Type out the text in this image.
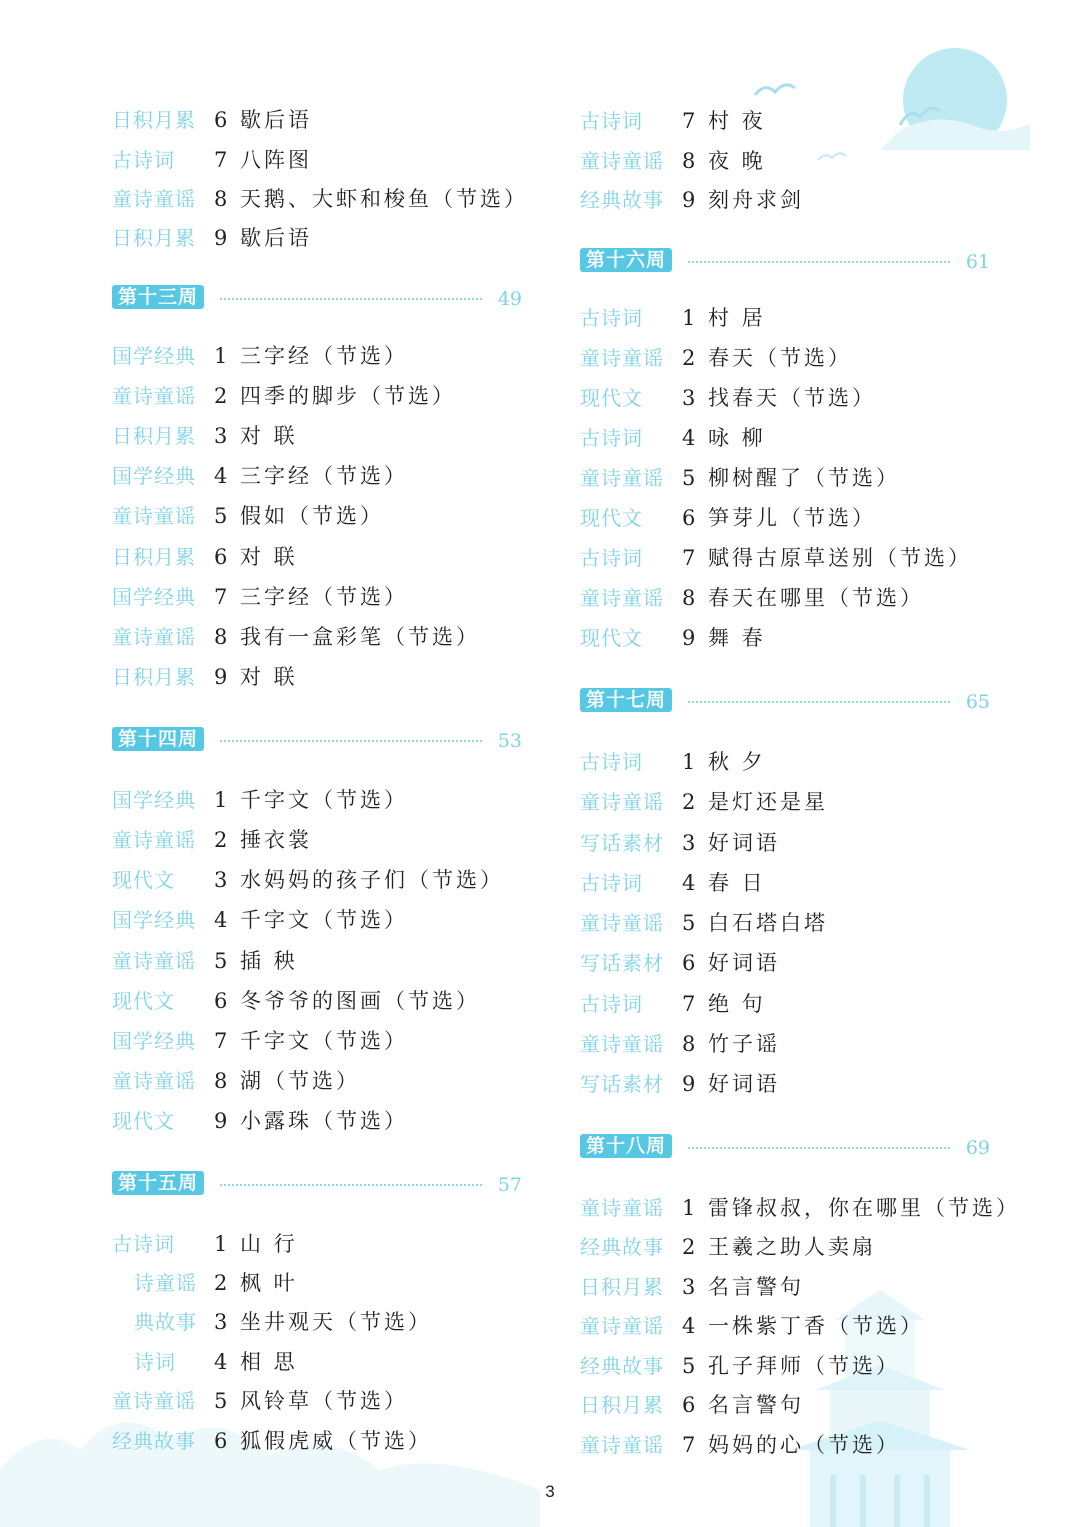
日积月累 6 歇后语
古诗词	7 八阵图
童诗童谣 8 天鹅、大虾和梭鱼（节选）
日积月累 9 歇后语
第十三周	49
国学经典 1 三字经（节选）
童诗童谣 2 四季的脚步（节选）
日积月累 3 对 联
国学经典 4 三字经（节选）
童诗童谣 5 假如（节选）
日积月累 6 对 联
国学经典 7 三字经（节选）
童诗童谣 8 我有一盒彩笔（节选）
日积月累 9 对 联
第十四周	53
国学经典 1 千字文（节选）
童诗童谣 2 捶衣裳
现代文	3 水妈妈的孩子们（节选）
国学经典 4 千字文（节选）
童诗童谣 5 插 秧
现代文	6 冬爷爷的图画（节选）
国学经典 7 千字文（节选）
童诗童谣 8 湖（节选）
现代文	9 小露珠（节选）
第十五周	57
古诗词	1 山 行
诗童谣 2 枫 叶
典故事 3 坐井观天（节选）
诗词	4 相 思
童诗童谣 5 风铃草（节选）
经典故事 6 狐假虎威（节选）
古诗词	7 村 夜
童诗童谣 8 夜 晚
经典故事 9 刻舟求剑
第十六周	61
古诗词	1 村 居
童诗童谣 2 春天（节选）
现代文	3 找春天（节选）
古诗词	4 咏 柳
童诗童谣 5 柳树醒了（节选）
现代文	6 笋芽儿（节选）
古诗词	7 赋得古原草送别（节选）
童诗童谣 8 春天在哪里（节选）
现代文	9 舞 春
第十七周	65
古诗词	1 秋 夕
童诗童谣 2 是灯还是星
写话素材 3 好词语
古诗词	4 春 日
童诗童谣 5 白石塔白塔
写话素材 6 好词语
古诗词	7 绝 句
童诗童谣 8 竹子谣
写话素材 9 好词语
第十八周	69
童诗童谣 1 雷锋叔叔，你在哪里（节选）
经典故事 2 王羲之助人卖扇
日积月累 3 名言警句
童诗童谣 4 一株紫丁香（节选）
经典故事 5 孔子拜师（节选）
日积月累 6 名言警句
童诗童谣 7 妈妈的心（节选）
3
